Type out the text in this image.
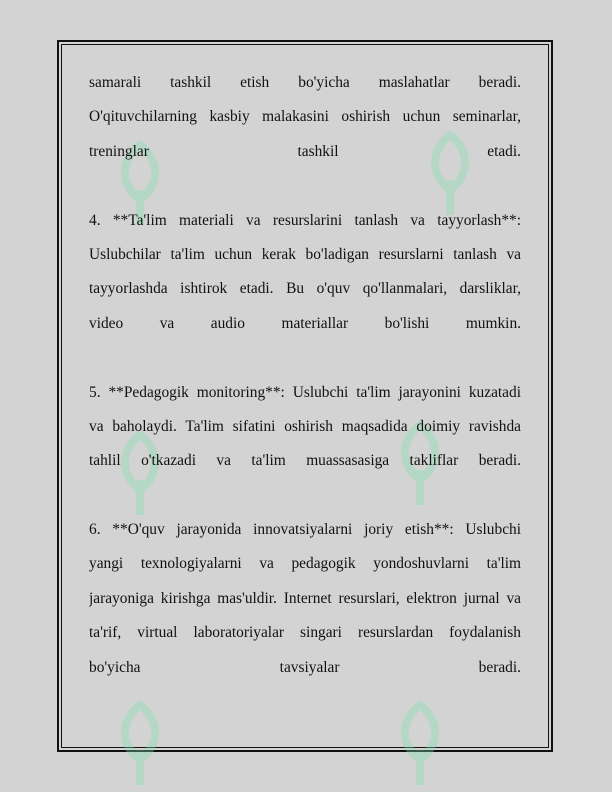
samarali tashkil etish bo'yicha maslahatlar beradi.
O'qituvchilarning kasbiy malakasini oshirish uchun seminarlar,
treninglar tashkil etadi.
4. **Ta'lim materiali va resurslarini tanlash va tayyorlash**:
Uslubchilar ta'lim uchun kerak bo'ladigan resurslarni tanlash va
tayyorlashda ishtirok etadi. Bu o'quv qo'llanmalari, darsliklar,
video va audio materiallar bo'lishi mumkin.
5. **Pedagogik monitoring**: Uslubchi ta'lim jarayonini kuzatadi
va baholaydi. Ta'lim sifatini oshirish maqsadida doimiy ravishda
tahlil o'tkazadi va ta'lim muassasasiga takliflar beradi.
6. **O'quv jarayonida innovatsiyalarni joriy etish**: Uslubchi
yangi texnologiyalarni va pedagogik yondoshuvlarni ta'lim
jarayoniga kirishga mas'uldir. Internet resurslari, elektron jurnal va
ta'rif, virtual laboratoriyalar singari resurslardan foydalanish
bo'yicha tavsiyalar beradi.
